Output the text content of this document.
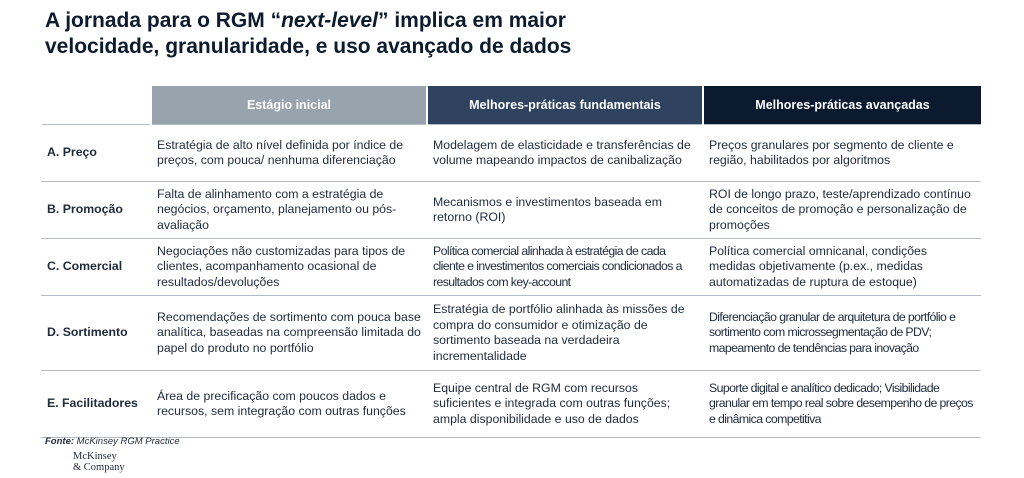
A jornada para o RGM “next-level” implica em maior
velocidade, granularidade, e uso avançado de dados
	Estágio inicial	Melhores-práticas fundamentais	Melhores-práticas avançadas
A. Preço	Estratégia de alto nível definida por índice de preços, com pouca/ nenhuma diferenciação	Modelagem de elasticidade e transferências de volume mapeando impactos de canibalização	Preços granulares por segmento de cliente e região, habilitados por algoritmos
B. Promoção	Falta de alinhamento com a estratégia de negócios, orçamento, planejamento ou pós-avaliação	Mecanismos e investimentos baseada em retorno (ROI)	ROI de longo prazo, teste/aprendizado contínuo de conceitos de promoção e personalização de promoções
C. Comercial	Negociações não customizadas para tipos de clientes, acompanhamento ocasional de resultados/devoluções	Política comercial alinhada à estratégia de cada cliente e investimentos comerciais condicionados a resultados com key-account	Política comercial omnicanal, condições medidas objetivamente (p.ex., medidas automatizadas de ruptura de estoque)
D. Sortimento	Recomendações de sortimento com pouca base analítica, baseadas na compreensão limitada do papel do produto no portfólio	Estratégia de portfólio alinhada às missões de compra do consumidor e otimização de sortimento baseada na verdadeira incrementalidade	Diferenciação granular de arquitetura de portfólio e sortimento com microssegmentação de PDV; mapeamento de tendências para inovação
E. Facilitadores	Área de precificação com poucos dados e recursos, sem integração com outras funções	Equipe central de RGM com recursos suficientes e integrada com outras funções; ampla disponibilidade e uso de dados	Suporte digital e analítico dedicado; Visibilidade granular em tempo real sobre desempenho de preços e dinâmica competitiva
Fonte: McKinsey RGM Practice
McKinsey
& Company
